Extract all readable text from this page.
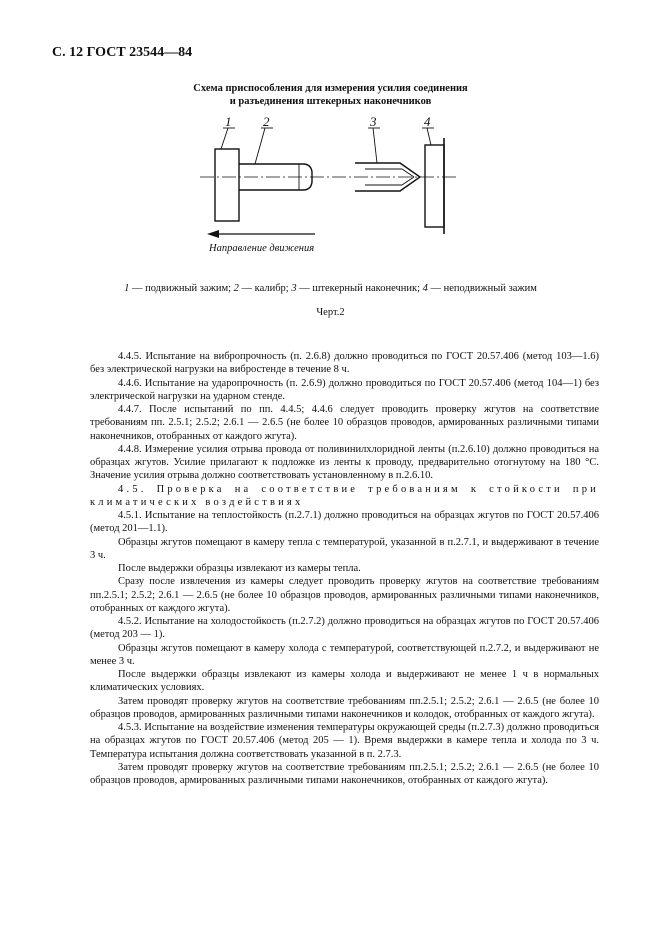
С. 12 ГОСТ 23544—84
Схема приспособления для измерения усилия соединения
и разъединения штекерных наконечников
1 2	3	4
Направление движения
1 — подвижный зажим; 2 — калибр; 3 — штекерный наконечник; 4 — неподвижный зажим
Черт.2

4.4.5. Испытание на вибропрочность (п. 2.6.8) должно проводиться по ГОСТ 20.57.406 (метод 103—1.6) без электрической нагрузки на вибростенде в течение 8 ч.

4.4.6. Испытание на ударопрочность (п. 2.6.9) должно проводиться по ГОСТ 20.57.406 (метод 104—1) без электрической нагрузки на ударном стенде.

4.4.7. После испытаний по пп. 4.4.5; 4.4.6 следует проводить проверку жгутов на соответствие требованиям пп. 2.5.1; 2.5.2; 2.6.1 — 2.6.5 (не более 10 образцов проводов, армированных различными типами наконечников, отобранных от каждого жгута).

4.4.8. Измерение усилия отрыва провода от поливинилхлоридной ленты (п.2.6.10) должно проводиться на образцах жгутов. Усилие прилагают к подложке из ленты к проводу, предварительно отогнутому на 180 °С. Значение усилия отрыва должно соответствовать установленному в п.2.6.10.

4.5. Проверка на соответствие требованиям к стойкости при климатических воздействиях

4.5.1. Испытание на теплостойкость (п.2.7.1) должно проводиться на образцах жгутов по ГОСТ 20.57.406 (метод 201—1.1).

Образцы жгутов помещают в камеру тепла с температурой, указанной в п.2.7.1, и выдерживают в течение 3 ч.

После выдержки образцы извлекают из камеры тепла.

Сразу после извлечения из камеры следует проводить проверку жгутов на соответствие требованиям пп.2.5.1; 2.5.2; 2.6.1 — 2.6.5 (не более 10 образцов проводов, армированных различными типами наконечников, отобранных от каждого жгута).

4.5.2. Испытание на холодостойкость (п.2.7.2) должно проводиться на образцах жгутов по ГОСТ 20.57.406 (метод 203 — 1).

Образцы жгутов помещают в камеру холода с температурой, соответствующей п.2.7.2, и выдерживают не менее 3 ч.

После выдержки образцы извлекают из камеры холода и выдерживают не менее 1 ч в нормальных климатических условиях.

Затем проводят проверку жгутов на соответствие требованиям пп.2.5.1; 2.5.2; 2.6.1 — 2.6.5 (не более 10 образцов проводов, армированных различными типами наконечников и колодок, отобранных от каждого жгута).

4.5.3. Испытание на воздействие изменения температуры окружающей среды (п.2.7.3) должно проводиться на образцах жгутов по ГОСТ 20.57.406 (метод 205 — 1). Время выдержки в камере тепла и холода по 3 ч. Температура испытания должна соответствовать указанной в п. 2.7.3.

Затем проводят проверку жгутов на соответствие требованиям пп.2.5.1; 2.5.2; 2.6.1 — 2.6.5 (не более 10 образцов проводов, армированных различными типами наконечников, отобранных от каждого жгута).
